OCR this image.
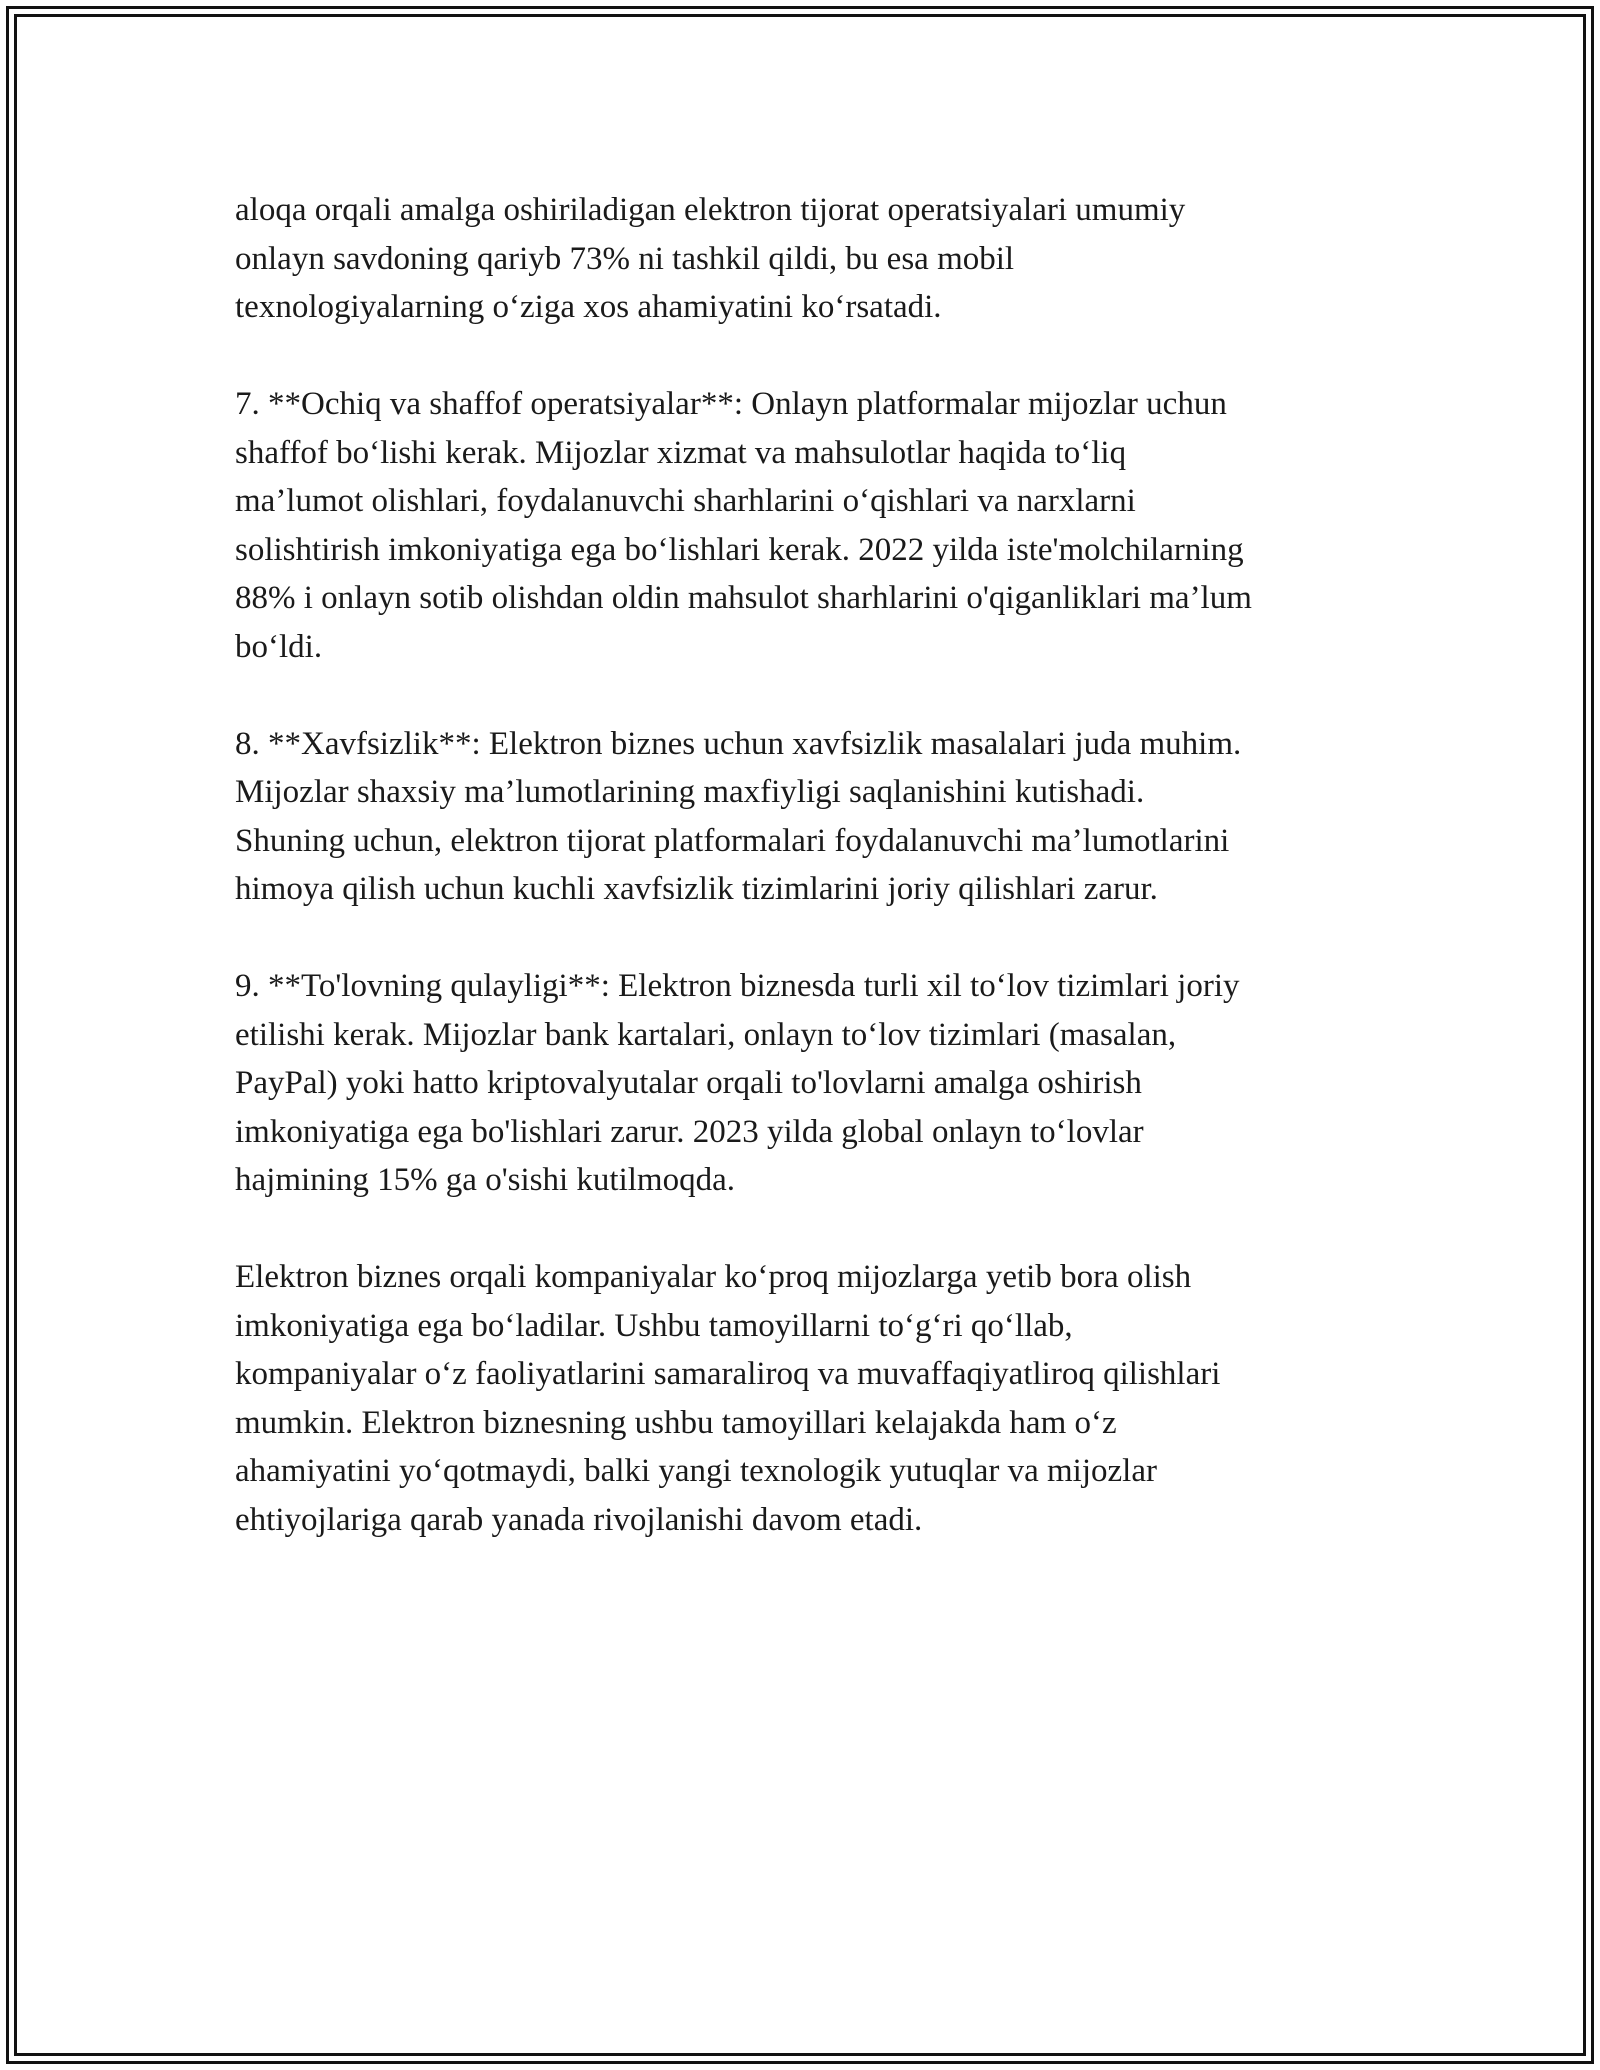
aloqa orqali amalga oshiriladigan elektron tijorat operatsiyalari umumiy
onlayn savdoning qariyb 73% ni tashkil qildi, bu esa mobil
texnologiyalarning o‘ziga xos ahamiyatini ko‘rsatadi.

7. **Ochiq va shaffof operatsiyalar**: Onlayn platformalar mijozlar uchun
shaffof bo‘lishi kerak. Mijozlar xizmat va mahsulotlar haqida to‘liq
ma’lumot olishlari, foydalanuvchi sharhlarini o‘qishlari va narxlarni
solishtirish imkoniyatiga ega bo‘lishlari kerak. 2022 yilda iste'molchilarning
88% i onlayn sotib olishdan oldin mahsulot sharhlarini o'qiganliklari ma’lum
bo‘ldi.

8. **Xavfsizlik**: Elektron biznes uchun xavfsizlik masalalari juda muhim.
Mijozlar shaxsiy ma’lumotlarining maxfiyligi saqlanishini kutishadi.
Shuning uchun, elektron tijorat platformalari foydalanuvchi ma’lumotlarini
himoya qilish uchun kuchli xavfsizlik tizimlarini joriy qilishlari zarur.

9. **To'lovning qulayligi**: Elektron biznesda turli xil to‘lov tizimlari joriy
etilishi kerak. Mijozlar bank kartalari, onlayn to‘lov tizimlari (masalan,
PayPal) yoki hatto kriptovalyutalar orqali to'lovlarni amalga oshirish
imkoniyatiga ega bo'lishlari zarur. 2023 yilda global onlayn to‘lovlar
hajmining 15% ga o'sishi kutilmoqda.

Elektron biznes orqali kompaniyalar ko‘proq mijozlarga yetib bora olish
imkoniyatiga ega bo‘ladilar. Ushbu tamoyillarni to‘g‘ri qo‘llab,
kompaniyalar o‘z faoliyatlarini samaraliroq va muvaffaqiyatliroq qilishlari
mumkin. Elektron biznesning ushbu tamoyillari kelajakda ham o‘z
ahamiyatini yo‘qotmaydi, balki yangi texnologik yutuqlar va mijozlar
ehtiyojlariga qarab yanada rivojlanishi davom etadi.
